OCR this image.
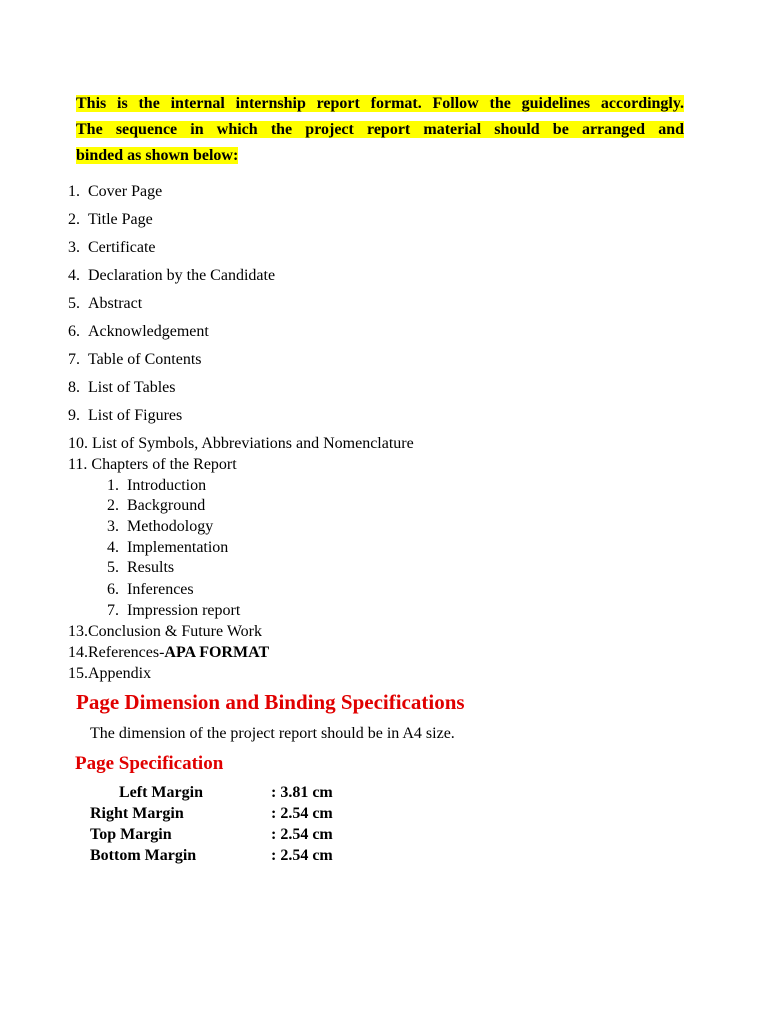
This is the internal internship report format. Follow the guidelines accordingly.
The sequence in which the project report material should be arranged and
binded as shown below:
1. Cover Page
2. Title Page
3. Certificate
4. Declaration by the Candidate
5. Abstract
6. Acknowledgement
7. Table of Contents
8. List of Tables
9. List of Figures
10. List of Symbols, Abbreviations and Nomenclature
11. Chapters of the Report
1. Introduction
2. Background
3. Methodology
4. Implementation
5. Results
6. Inferences
7. Impression report
13.Conclusion & Future Work
14.References-APA FORMAT
15.Appendix
Page Dimension and Binding Specifications
The dimension of the project report should be in A4 size.
Page Specification
Left Margin	: 3.81 cm
Right Margin	: 2.54 cm
Top Margin	: 2.54 cm
Bottom Margin	: 2.54 cm
